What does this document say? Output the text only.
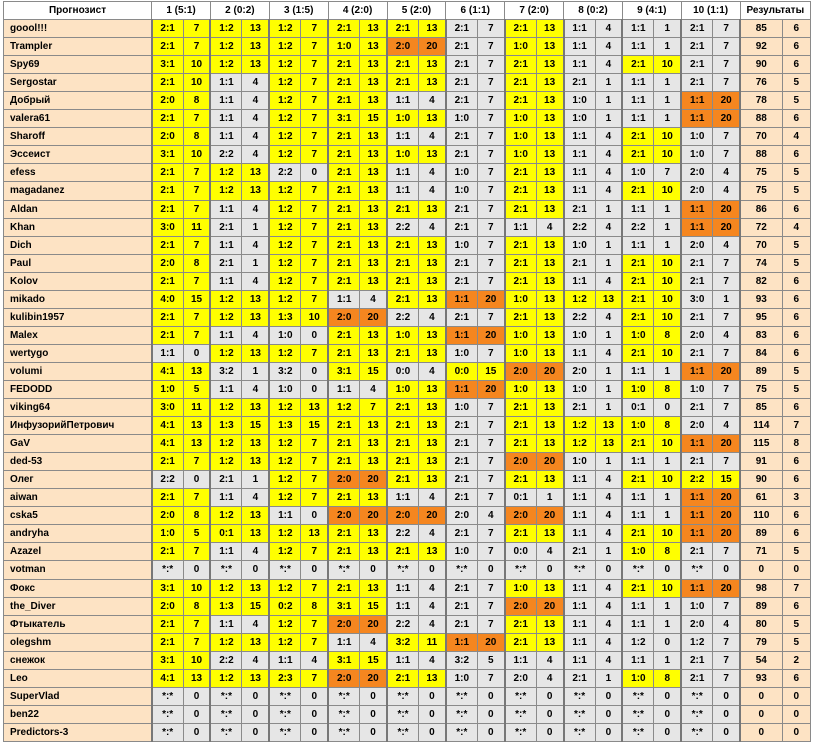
Прогнозист	1 (5:1)		2 (0:2)		3 (1:5)		4 (2:0)		5 (2:0)		6 (1:1)		7 (2:0)		8 (0:2)		9 (4:1)		10 (1:1)		Результаты	
goool!!!	2:1	7	1:2	13	1:2	7	2:1	13	2:1	13	2:1	7	2:1	13	1:1	4	1:1	1	2:1	7	85	6
Trampler	2:1	7	1:2	13	1:2	7	1:0	13	2:0	20	2:1	7	1:0	13	1:1	4	1:1	1	2:1	7	92	6
Spy69	3:1	10	1:2	13	1:2	7	2:1	13	2:1	13	2:1	7	2:1	13	1:1	4	2:1	10	2:1	7	90	6
Sergostar	2:1	10	1:1	4	1:2	7	2:1	13	2:1	13	2:1	7	2:1	13	2:1	1	1:1	1	2:1	7	76	5
Добрый	2:0	8	1:1	4	1:2	7	2:1	13	1:1	4	2:1	7	2:1	13	1:0	1	1:1	1	1:1	20	78	5
valera61	2:1	7	1:1	4	1:2	7	3:1	15	1:0	13	1:0	7	1:0	13	1:0	1	1:1	1	1:1	20	88	6
Sharoff	2:0	8	1:1	4	1:2	7	2:1	13	1:1	4	2:1	7	1:0	13	1:1	4	2:1	10	1:0	7	70	4
Эссеист	3:1	10	2:2	4	1:2	7	2:1	13	1:0	13	2:1	7	1:0	13	1:1	4	2:1	10	1:0	7	88	6
efess	2:1	7	1:2	13	2:2	0	2:1	13	1:1	4	1:0	7	2:1	13	1:1	4	1:0	7	2:0	4	75	5
magadanez	2:1	7	1:2	13	1:2	7	2:1	13	1:1	4	1:0	7	2:1	13	1:1	4	2:1	10	2:0	4	75	5
Aldan	2:1	7	1:1	4	1:2	7	2:1	13	2:1	13	2:1	7	2:1	13	2:1	1	1:1	1	1:1	20	86	6
Khan	3:0	11	2:1	1	1:2	7	2:1	13	2:2	4	2:1	7	1:1	4	2:2	4	2:2	1	1:1	20	72	4
Dich	2:1	7	1:1	4	1:2	7	2:1	13	2:1	13	1:0	7	2:1	13	1:0	1	1:1	1	2:0	4	70	5
Paul	2:0	8	2:1	1	1:2	7	2:1	13	2:1	13	2:1	7	2:1	13	2:1	1	2:1	10	2:1	7	74	5
Kolov	2:1	7	1:1	4	1:2	7	2:1	13	2:1	13	2:1	7	2:1	13	1:1	4	2:1	10	2:1	7	82	6
mikado	4:0	15	1:2	13	1:2	7	1:1	4	2:1	13	1:1	20	1:0	13	1:2	13	2:1	10	3:0	1	93	6
kulibin1957	2:1	7	1:2	13	1:3	10	2:0	20	2:2	4	2:1	7	2:1	13	2:2	4	2:1	10	2:1	7	95	6
Malex	2:1	7	1:1	4	1:0	0	2:1	13	1:0	13	1:1	20	1:0	13	1:0	1	1:0	8	2:0	4	83	6
wertygo	1:1	0	1:2	13	1:2	7	2:1	13	2:1	13	1:0	7	1:0	13	1:1	4	2:1	10	2:1	7	84	6
volumi	4:1	13	3:2	1	3:2	0	3:1	15	0:0	4	0:0	15	2:0	20	2:0	1	1:1	1	1:1	20	89	5
FEDODD	1:0	5	1:1	4	1:0	0	1:1	4	1:0	13	1:1	20	1:0	13	1:0	1	1:0	8	1:0	7	75	5
viking64	3:0	11	1:2	13	1:2	13	1:2	7	2:1	13	1:0	7	2:1	13	2:1	1	0:1	0	2:1	7	85	6
ИнфузорийПетрович	4:1	13	1:3	15	1:3	15	2:1	13	2:1	13	2:1	7	2:1	13	1:2	13	1:0	8	2:0	4	114	7
GaV	4:1	13	1:2	13	1:2	7	2:1	13	2:1	13	2:1	7	2:1	13	1:2	13	2:1	10	1:1	20	115	8
ded-53	2:1	7	1:2	13	1:2	7	2:1	13	2:1	13	2:1	7	2:0	20	1:0	1	1:1	1	2:1	7	91	6
Олег	2:2	0	2:1	1	1:2	7	2:0	20	2:1	13	2:1	7	2:1	13	1:1	4	2:1	10	2:2	15	90	6
aiwan	2:1	7	1:1	4	1:2	7	2:1	13	1:1	4	2:1	7	0:1	1	1:1	4	1:1	1	1:1	20	61	3
cska5	2:0	8	1:2	13	1:1	0	2:0	20	2:0	20	2:0	4	2:0	20	1:1	4	1:1	1	1:1	20	110	6
andryha	1:0	5	0:1	13	1:2	13	2:1	13	2:2	4	2:1	7	2:1	13	1:1	4	2:1	10	1:1	20	89	6
Azazel	2:1	7	1:1	4	1:2	7	2:1	13	2:1	13	1:0	7	0:0	4	2:1	1	1:0	8	2:1	7	71	5
votman	*:*	0	*:*	0	*:*	0	*:*	0	*:*	0	*:*	0	*:*	0	*:*	0	*:*	0	*:*	0	0	0
Фокс	3:1	10	1:2	13	1:2	7	2:1	13	1:1	4	2:1	7	1:0	13	1:1	4	2:1	10	1:1	20	98	7
the_Diver	2:0	8	1:3	15	0:2	8	3:1	15	1:1	4	2:1	7	2:0	20	1:1	4	1:1	1	1:0	7	89	6
Фтыкатель	2:1	7	1:1	4	1:2	7	2:0	20	2:2	4	2:1	7	2:1	13	1:1	4	1:1	1	2:0	4	80	5
olegshm	2:1	7	1:2	13	1:2	7	1:1	4	3:2	11	1:1	20	2:1	13	1:1	4	1:2	0	1:2	7	79	5
снежок	3:1	10	2:2	4	1:1	4	3:1	15	1:1	4	3:2	5	1:1	4	1:1	4	1:1	1	2:1	7	54	2
Leo	4:1	13	1:2	13	2:3	7	2:0	20	2:1	13	1:0	7	2:0	4	2:1	1	1:0	8	2:1	7	93	6
SuperVlad	*:*	0	*:*	0	*:*	0	*:*	0	*:*	0	*:*	0	*:*	0	*:*	0	*:*	0	*:*	0	0	0
ben22	*:*	0	*:*	0	*:*	0	*:*	0	*:*	0	*:*	0	*:*	0	*:*	0	*:*	0	*:*	0	0	0
Predictors-3	*:*	0	*:*	0	*:*	0	*:*	0	*:*	0	*:*	0	*:*	0	*:*	0	*:*	0	*:*	0	0	0
